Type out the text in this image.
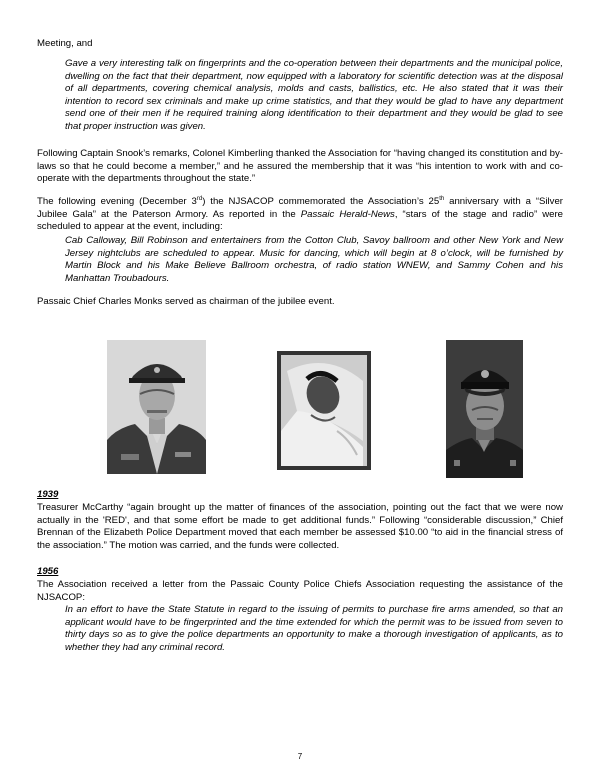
Meeting, and

Gave a very interesting talk on fingerprints and the co-operation between their departments and the municipal police, dwelling on the fact that their department, now equipped with a laboratory for scientific detection was at the disposal of all departments, covering chemical analysis, molds and casts, ballistics, etc. He also stated that it was their intention to record sex criminals and make up crime statistics, and that they would be glad to have any department send one of their men if he required training along identification to their department and they would be glad to see that proper instruction was given.

Following Captain Snook’s remarks, Colonel Kimberling thanked the Association for “having changed its constitution and by-laws so that he could become a member,” and he assured the membership that it was “his intention to work with and co-operate with the departments throughout the state.”

The following evening (December 3rd) the NJSACOP commemorated the Association’s 25th anniversary with a “Silver Jubilee Gala” at the Paterson Armory. As reported in the Passaic Herald-News, “stars of the stage and radio” were scheduled to appear at the event, including:

Cab Calloway, Bill Robinson and entertainers from the Cotton Club, Savoy ballroom and other New York and New Jersey nightclubs are scheduled to appear. Music for dancing, which will begin at 8 o’clock, will be furnished by Martin Block and his Make Believe Ballroom orchestra, of radio station WNEW, and Sammy Cohen and his Manhattan Troubadours.

Passaic Chief Charles Monks served as chairman of the jubilee event.

1939

Treasurer McCarthy “again brought up the matter of finances of the association, pointing out the fact that we were now actually in the 'RED', and that some effort be made to get additional funds.” Following “considerable discussion,” Chief Brennan of the Elizabeth Police Department moved that each member be assessed $10.00 “to aid in the financial stress of the association.” The motion was carried, and the funds were collected.

1956

The Association received a letter from the Passaic County Police Chiefs Association requesting the assistance of the NJSACOP:

In an effort to have the State Statute in regard to the issuing of permits to purchase fire arms amended, so that an applicant would have to be fingerprinted and the time extended for which the permit was to be issued from seven to thirty days so as to give the police departments an opportunity to make a thorough investigation of applicants, as to whether they had any criminal record.

7
